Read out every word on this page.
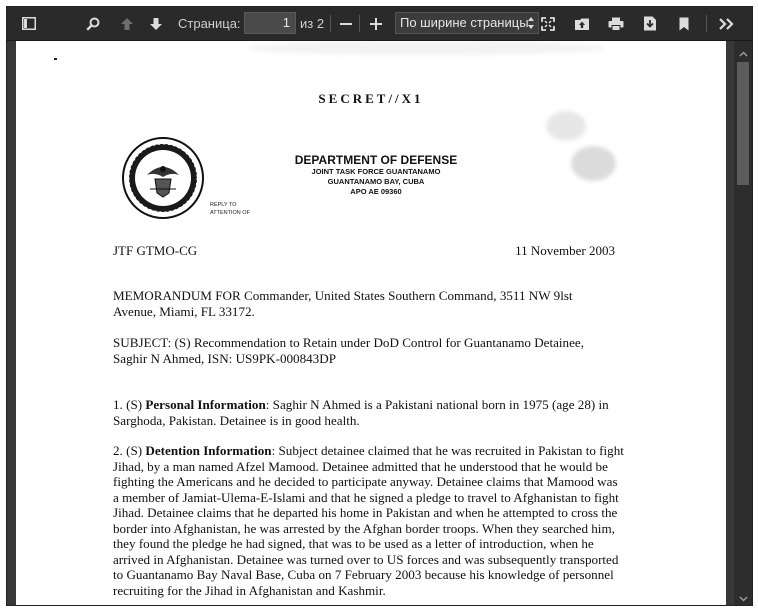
Страница:	1 из 2	По ширине страницы
SECRET//X1
DEPARTMENT OF DEFENSE
JOINT TASK FORCE GUANTANAMO
GUANTANAMO BAY, CUBA
APO AE 09360
REPLY TO
ATTENTION OF
JTF GTMO-CG	11 November 2003
MEMORANDUM FOR Commander, United States Southern Command, 3511 NW 9lst Avenue, Miami, FL 33172.
SUBJECT: (S) Recommendation to Retain under DoD Control for Guantanamo Detainee, Saghir N Ahmed, ISN: US9PK-000843DP
1. (S) Personal Information: Saghir N Ahmed is a Pakistani national born in 1975 (age 28) in Sarghoda, Pakistan. Detainee is in good health.
2. (S) Detention Information: Subject detainee claimed that he was recruited in Pakistan to fight Jihad, by a man named Afzel Mamood. Detainee admitted that he understood that he would be fighting the Americans and he decided to participate anyway. Detainee claims that Mamood was a member of Jamiat-Ulema-E-Islami and that he signed a pledge to travel to Afghanistan to fight Jihad. Detainee claims that he departed his home in Pakistan and when he attempted to cross the border into Afghanistan, he was arrested by the Afghan border troops. When they searched him, they found the pledge he had signed, that was to be used as a letter of introduction, when he arrived in Afghanistan. Detainee was turned over to US forces and was subsequently transported to Guantanamo Bay Naval Base, Cuba on 7 February 2003 because his knowledge of personnel recruiting for the Jihad in Afghanistan and Kashmir.
